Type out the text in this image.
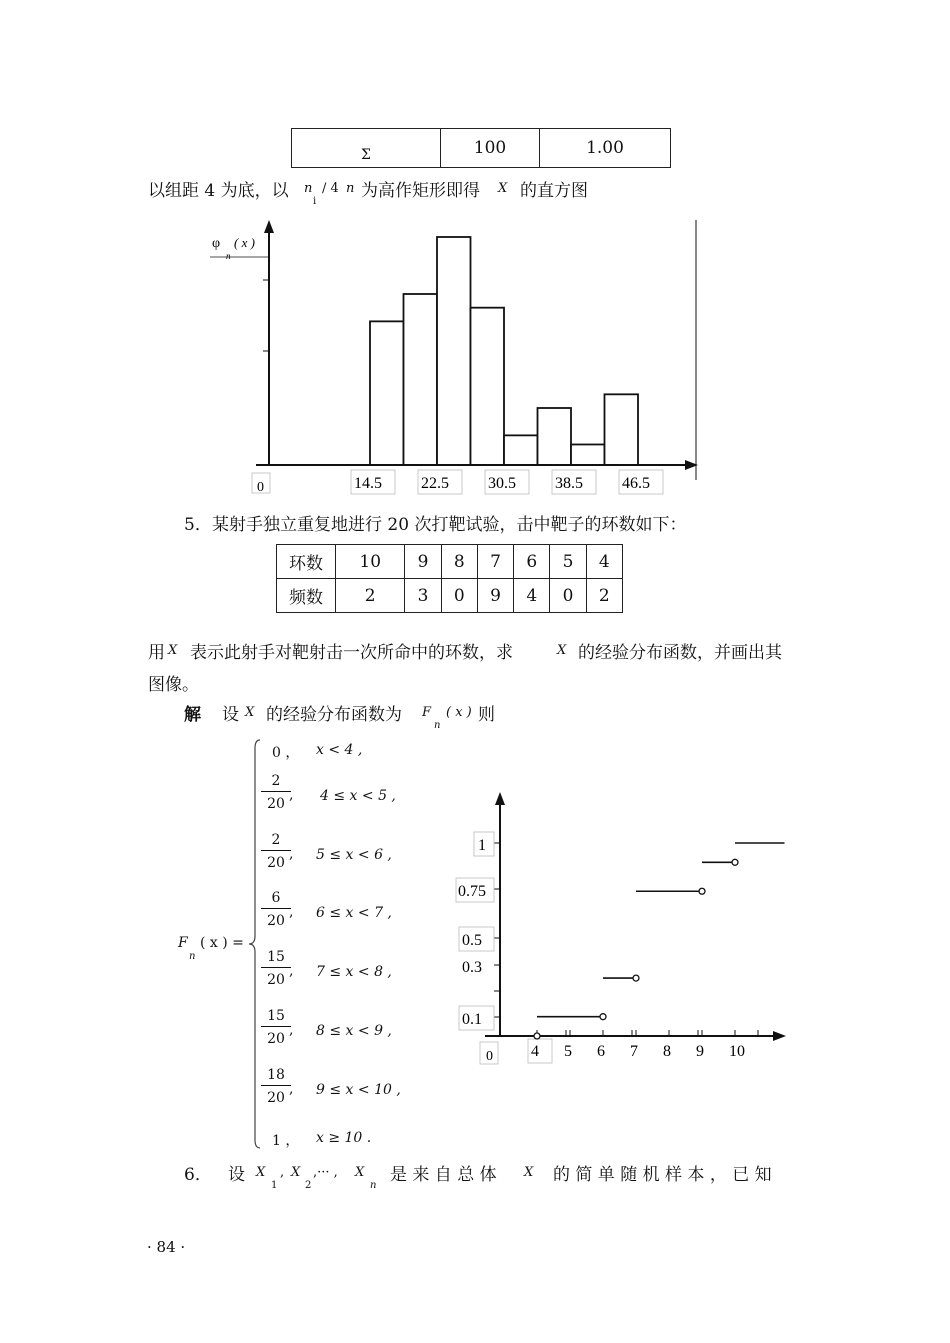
Σ	100	1.00
以组距 4 为底，以 n
i
/ 4 n 为高作矩形即得 X 的直方图
14.5 22.5 30.5 38.5 46.5
φ ( x )
n
0
5． 某射手独立重复地进行 20 次打靶试验，击中靶子的环数如下：
环数	10	9	8	7	6	5	4
频数	2	3	0	9	4	0	2
用 X 表示此射手对靶射击一次所命中的环数，求	X 的经验分布函数，并画出其
图像。
解 设 X 的经验分布函数为 F
n
( x ) 则
F
n
( x ) =
0 ， x < 4 ,
$\frac{2}{20}$
, 4 ≤ x < 5 ,
$\frac{2}{20}$
, 5 ≤ x < 6 ,
$\frac{6}{20}$
, 6 ≤ x < 7 ,
$\frac{15}{20}$
, 7 ≤ x < 8 ,
$\frac{15}{20}$
, 8 ≤ x < 9 ,
$\frac{18}{20}$
, 9 ≤ x < 10 ,
1 ， x ≥ 10 .
1
0.75
0.5
0.3
0.1
0 4 5 6 7 8 9 10
6． 设 X
1
, X
2
,··· , X
n
是 来 自 总 体 X 的 简 单 随 机 样 本 ， 已 知
· 84 ·
